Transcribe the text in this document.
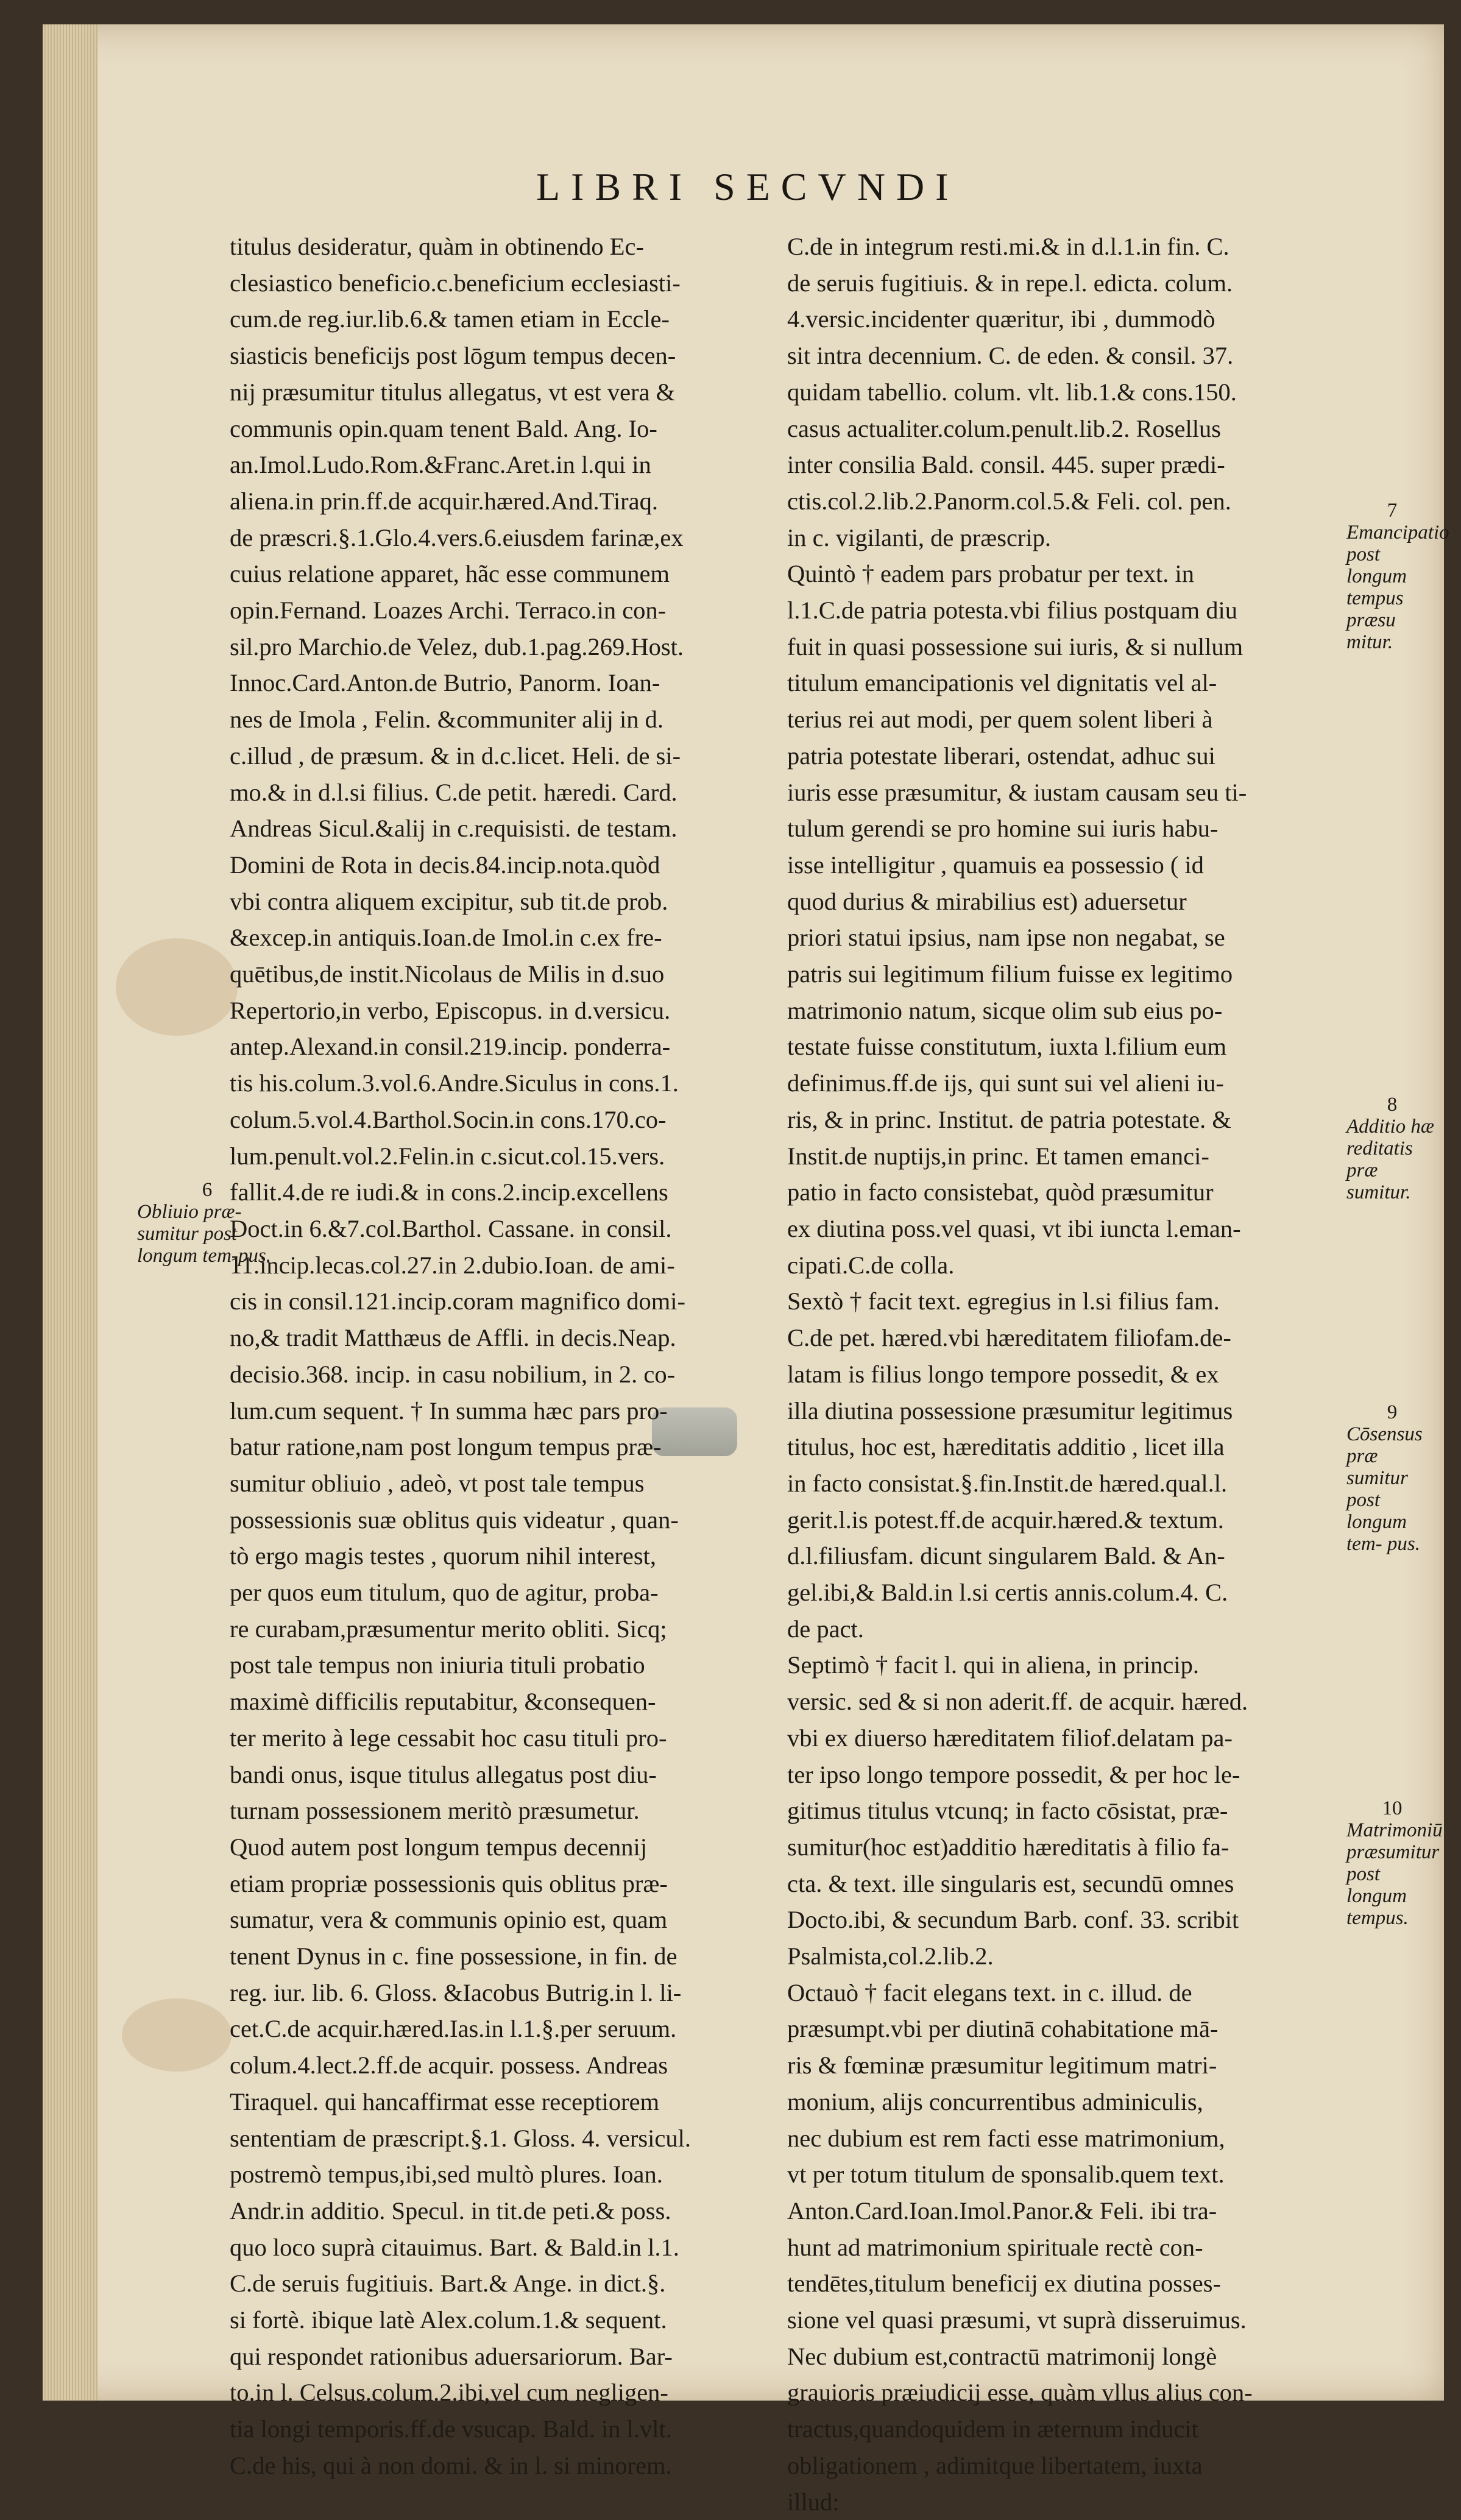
LIBRI SECVNDI
titulus desideratur, quàm in obtinendo Ec-
clesiastico beneficio.c.beneficium ecclesiasti-
cum.de reg.iur.lib.6.& tamen etiam in Eccle-
siasticis beneficijs post lōgum tempus decen-
nij præsumitur titulus allegatus, vt est vera &
communis opin.quam tenent Bald. Ang. Io-
an.Imol.Ludo.Rom.&Franc.Aret.in l.qui in
aliena.in prin.ff.de acquir.hæred.And.Tiraq.
de præscri.§.1.Glo.4.vers.6.eiusdem farinæ,ex
cuius relatione apparet, hãc esse communem
opin.Fernand. Loazes Archi. Terraco.in con-
sil.pro Marchio.de Velez, dub.1.pag.269.Host.
Innoc.Card.Anton.de Butrio, Panorm. Ioan-
nes de Imola , Felin. &communiter alij in d.
c.illud , de præsum. & in d.c.licet. Heli. de si-
mo.& in d.l.si filius. C.de petit. hæredi. Card.
Andreas Sicul.&alij in c.requisisti. de testam.
Domini de Rota in decis.84.incip.nota.quòd
vbi contra aliquem excipitur, sub tit.de prob.
&excep.in antiquis.Ioan.de Imol.in c.ex fre-
quētibus,de instit.Nicolaus de Milis in d.suo
Repertorio,in verbo, Episcopus. in d.versicu.
antep.Alexand.in consil.219.incip. ponderra-
tis his.colum.3.vol.6.Andre.Siculus in cons.1.
colum.5.vol.4.Barthol.Socin.in cons.170.co-
lum.penult.vol.2.Felin.in c.sicut.col.15.vers.
fallit.4.de re iudi.& in cons.2.incip.excellens
Doct.in 6.&7.col.Barthol. Cassane. in consil.
11.incip.lecas.col.27.in 2.dubio.Ioan. de ami-
cis in consil.121.incip.coram magnifico domi-
no,& tradit Matthæus de Affli. in decis.Neap.
decisio.368. incip. in casu nobilium, in 2. co-
lum.cum sequent. † In summa hæc pars pro-
batur ratione,nam post longum tempus præ-
sumitur obliuio , adeò, vt post tale tempus
possessionis suæ oblitus quis videatur , quan-
tò ergo magis testes , quorum nihil interest,
per quos eum titulum, quo de agitur, proba-
re curabam,præsumentur merito obliti. Sicq;
post tale tempus non iniuria tituli probatio
maximè difficilis reputabitur, &consequen-
ter merito à lege cessabit hoc casu tituli pro-
bandi onus, isque titulus allegatus post diu-
turnam possessionem meritò præsumetur.
Quod autem post longum tempus decennij
etiam propriæ possessionis quis oblitus præ-
sumatur, vera & communis opinio est, quam
tenent Dynus in c. fine possessione, in fin. de
reg. iur. lib. 6. Gloss. &Iacobus Butrig.in l. li-
cet.C.de acquir.hæred.Ias.in l.1.§.per seruum.
colum.4.lect.2.ff.de acquir. possess. Andreas
Tiraquel. qui hancaffirmat esse receptiorem
sententiam de præscript.§.1. Gloss. 4. versicul.
postremò tempus,ibi,sed multò plures. Ioan.
Andr.in additio. Specul. in tit.de peti.& poss.
quo loco suprà citauimus. Bart. & Bald.in l.1.
C.de seruis fugitiuis. Bart.& Ange. in dict.§.
si fortè. ibique latè Alex.colum.1.& sequent.
qui respondet rationibus aduersariorum. Bar-
to.in l. Celsus.colum.2.ibi,vel cum negligen-
tia longi temporis.ff.de vsucap. Bald. in l.vlt.
C.de his, qui à non domi. & in l. si minorem.
C.de in integrum resti.mi.& in d.l.1.in fin. C.
de seruis fugitiuis. & in repe.l. edicta. colum.
4.versic.incidenter quæritur, ibi , dummodò
sit intra decennium. C. de eden. & consil. 37.
quidam tabellio. colum. vlt. lib.1.& cons.150.
casus actualiter.colum.penult.lib.2. Rosellus
inter consilia Bald. consil. 445. super prædi-
ctis.col.2.lib.2.Panorm.col.5.& Feli. col. pen.
in c. vigilanti, de præscrip.
Quintò † eadem pars probatur per text. in
l.1.C.de patria potesta.vbi filius postquam diu
fuit in quasi possessione sui iuris, & si nullum
titulum emancipationis vel dignitatis vel al-
terius rei aut modi, per quem solent liberi à
patria potestate liberari, ostendat, adhuc sui
iuris esse præsumitur, & iustam causam seu ti-
tulum gerendi se pro homine sui iuris habu-
isse intelligitur , quamuis ea possessio ( id
quod durius & mirabilius est) aduersetur
priori statui ipsius, nam ipse non negabat, se
patris sui legitimum filium fuisse ex legitimo
matrimonio natum, sicque olim sub eius po-
testate fuisse constitutum, iuxta l.filium eum
definimus.ff.de ijs, qui sunt sui vel alieni iu-
ris, & in princ. Institut. de patria potestate. &
Instit.de nuptijs,in princ. Et tamen emanci-
patio in facto consistebat, quòd præsumitur
ex diutina poss.vel quasi, vt ibi iuncta l.eman-
cipati.C.de colla.
Sextò † facit text. egregius in l.si filius fam.
C.de pet. hæred.vbi hæreditatem filiofam.de-
latam is filius longo tempore possedit, & ex
illa diutina possessione præsumitur legitimus
titulus, hoc est, hæreditatis additio , licet illa
in facto consistat.§.fin.Instit.de hæred.qual.l.
gerit.l.is potest.ff.de acquir.hæred.& textum.
d.l.filiusfam. dicunt singularem Bald. & An-
gel.ibi,& Bald.in l.si certis annis.colum.4. C.
de pact.
Septimò † facit l. qui in aliena, in princip.
versic. sed & si non aderit.ff. de acquir. hæred.
vbi ex diuerso hæreditatem filiof.delatam pa-
ter ipso longo tempore possedit, & per hoc le-
gitimus titulus vtcunq; in facto cōsistat, præ-
sumitur(hoc est)additio hæreditatis à filio fa-
cta. & text. ille singularis est, secundū omnes
Docto.ibi, & secundum Barb. conf. 33. scribit
Psalmista,col.2.lib.2.
Octauò † facit elegans text. in c. illud. de
præsumpt.vbi per diutinā cohabitatione mā-
ris & fœminæ præsumitur legitimum matri-
monium, alijs concurrentibus adminiculis,
nec dubium est rem facti esse matrimonium,
vt per totum titulum de sponsalib.quem text.
Anton.Card.Ioan.Imol.Panor.& Feli. ibi tra-
hunt ad matrimonium spirituale rectè con-
tendētes,titulum beneficij ex diutina posses-
sione vel quasi præsumi, vt suprà disseruimus.
Nec dubium est,contractū matrimonij longè
grauioris præiudicij esse, quàm vllus alius con-
tractus,quandoquidem in æternum inducit
obligationem , adimitque libertatem, iuxta
illud:
6
Obliuio præ-sumitur post longum tem-pus.
7
Emancipatio post longum tempus præsu mitur.
8
Additio hæ reditatis præ sumitur.
9
Cōsensus præ sumitur post longum tem- pus.
10
Matrimoniū præsumitur post longum tempus.
